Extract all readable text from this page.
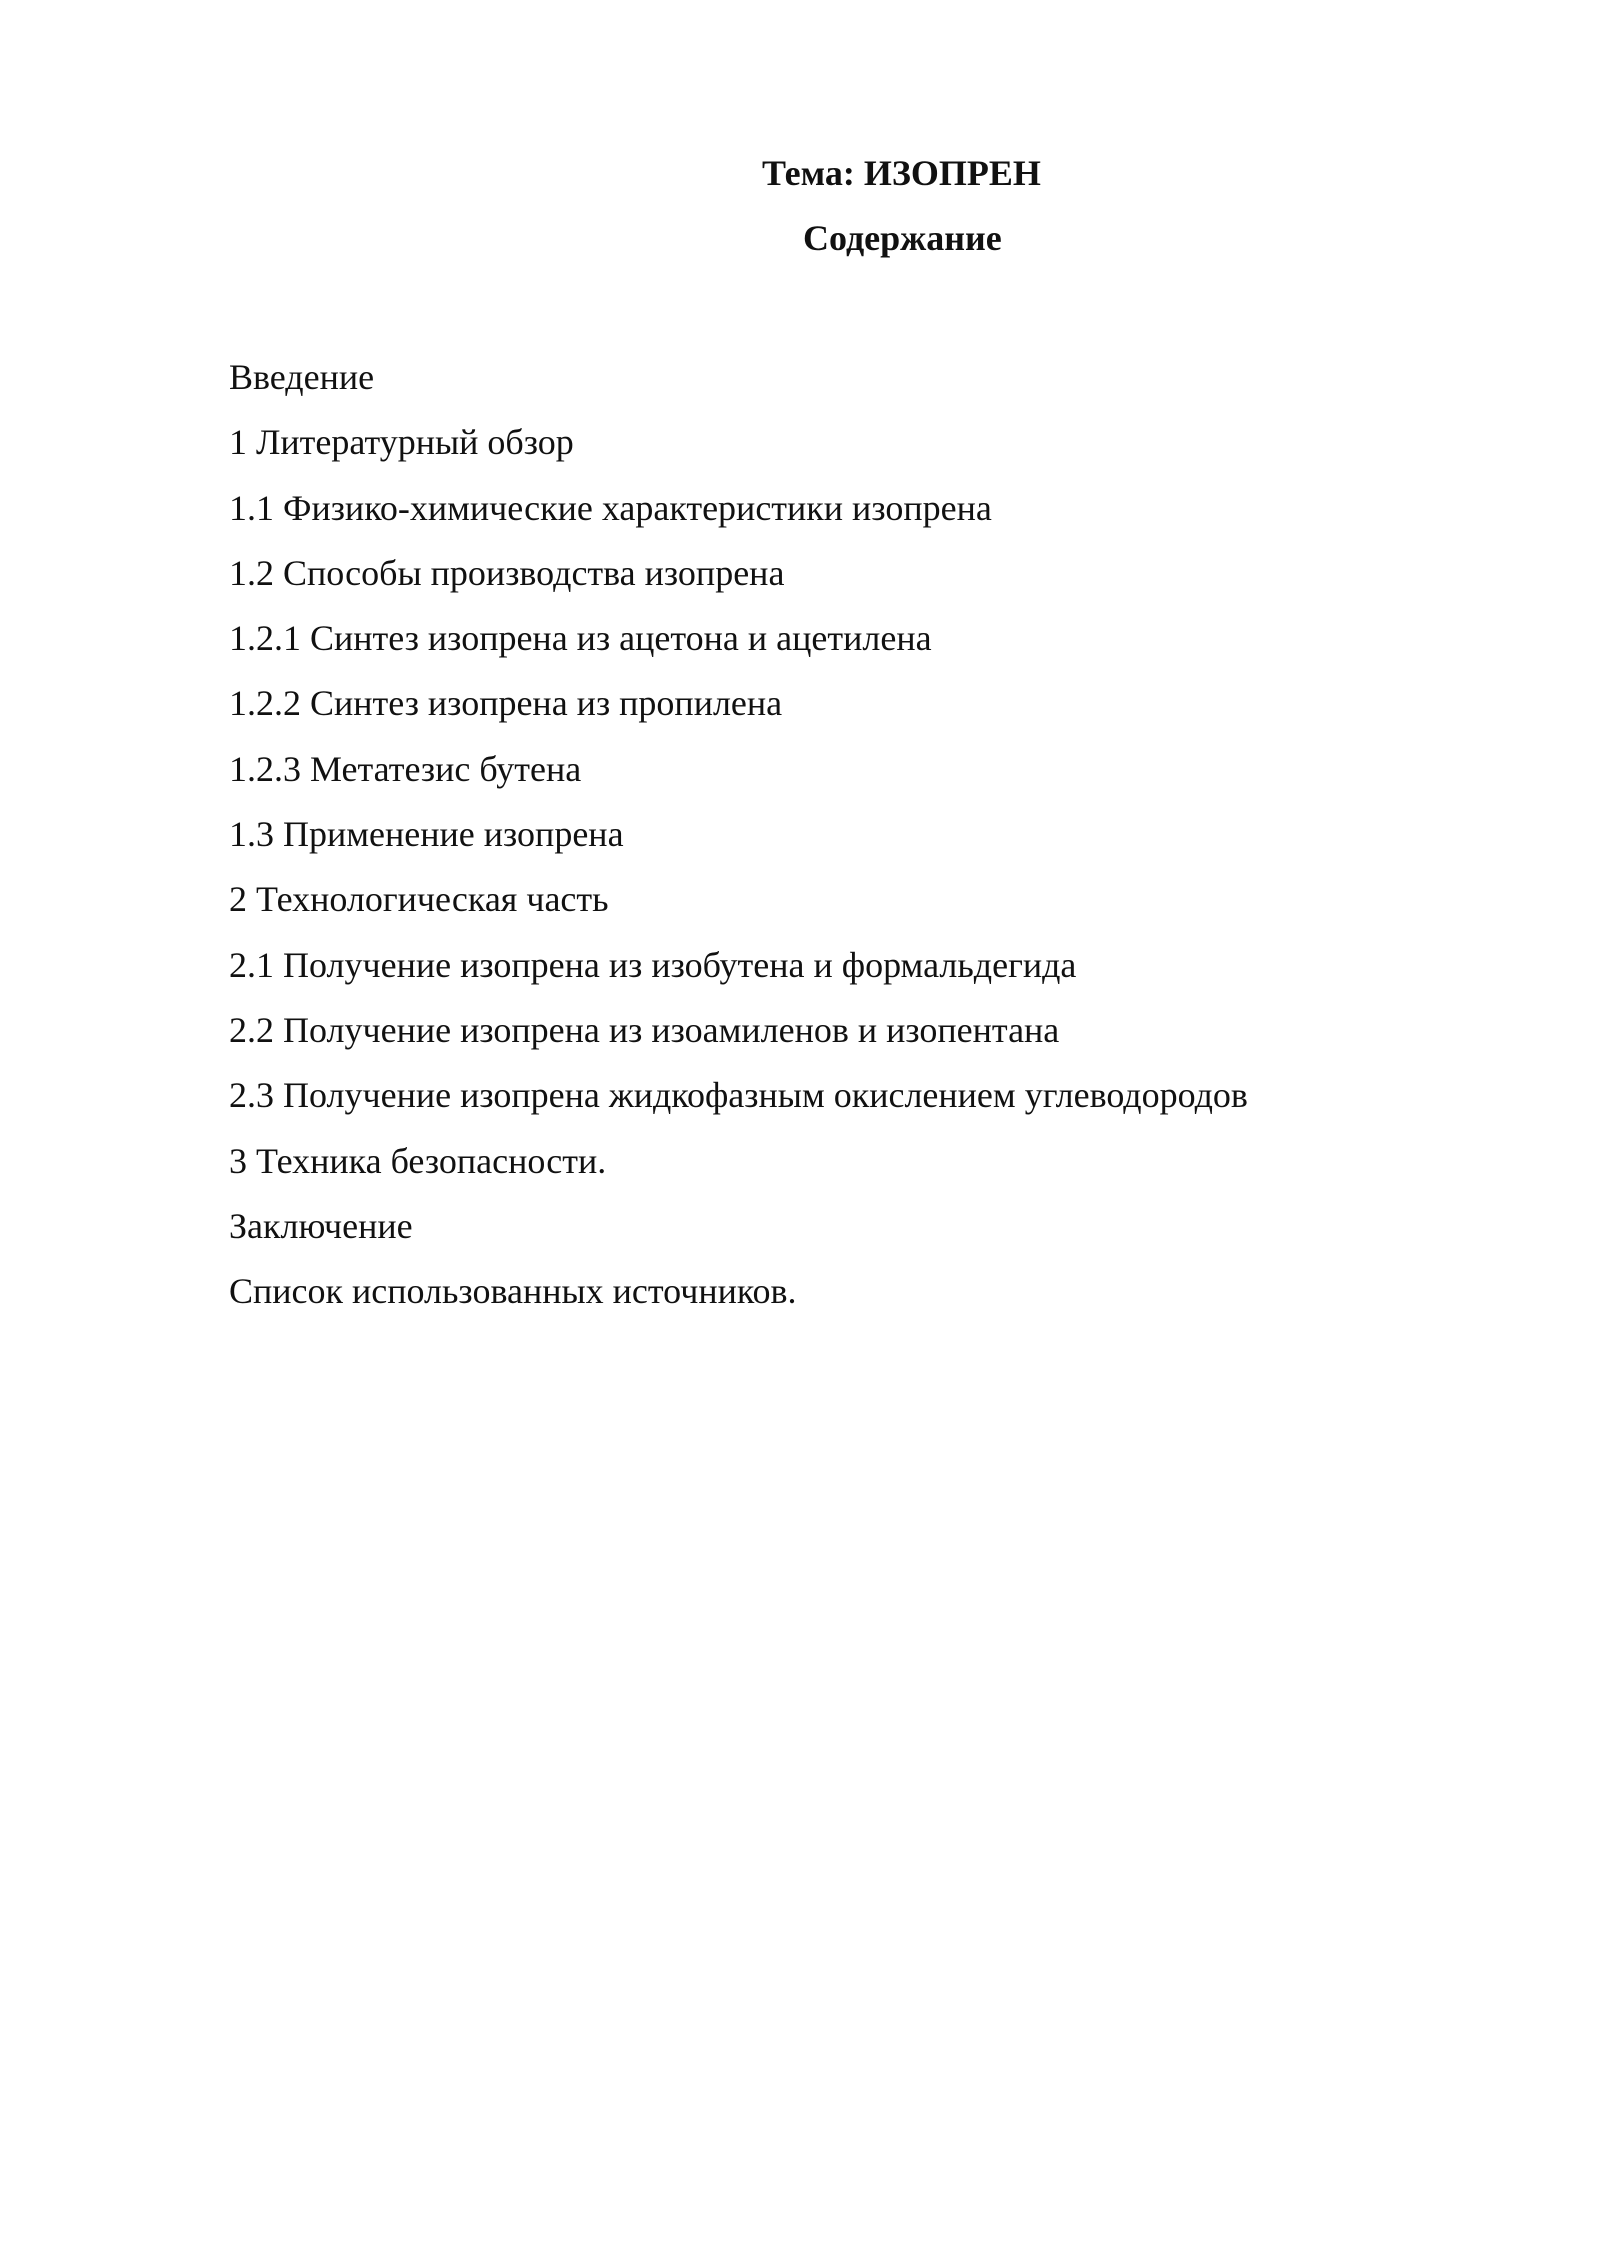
Тема: ИЗОПРЕН
Содержание
Введение
1 Литературный обзор
1.1 Физико-химические характеристики изопрена
1.2 Способы производства изопрена
1.2.1 Синтез изопрена из ацетона и ацетилена
1.2.2 Синтез изопрена из пропилена
1.2.3 Метатезис бутена
1.3 Применение изопрена
2 Технологическая часть
2.1 Получение изопрена из изобутена и формальдегида
2.2 Получение изопрена из изоамиленов и изопентана
2.3 Получение изопрена жидкофазным окислением углеводородов
3 Техника безопасности.
Заключение
Список использованных источников.
